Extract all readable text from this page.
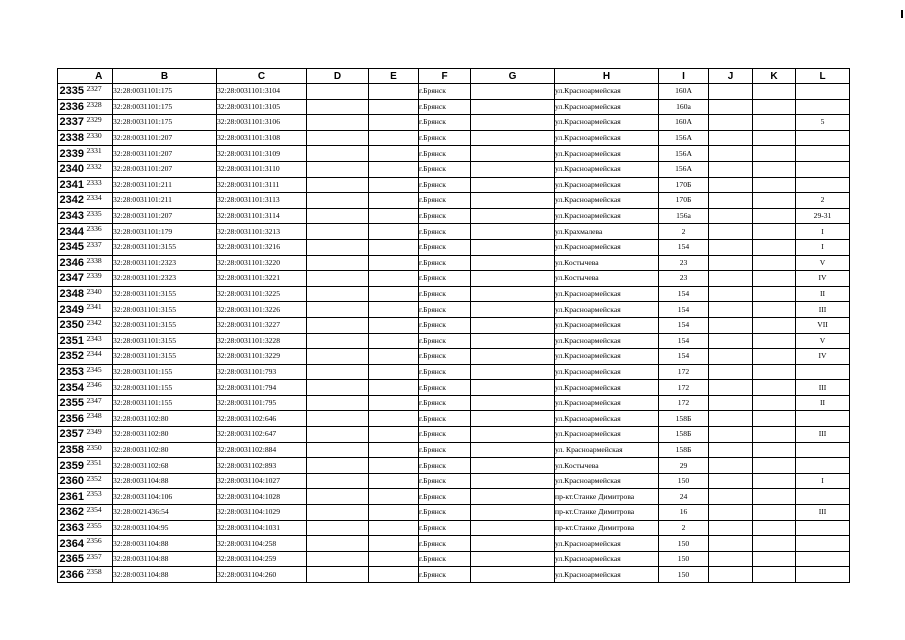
	A	B	C	D	E	F	G	H	I	J	K	L
2335	2327	32:28:0031101:175	32:28:0031101:3104			г.Брянск		ул.Красноармейская	160А			
2336	2328	32:28:0031101:175	32:28:0031101:3105			г.Брянск		ул.Красноармейская	160а			
2337	2329	32:28:0031101:175	32:28:0031101:3106			г.Брянск		ул.Красноармейская	160А			5
2338	2330	32:28:0031101:207	32:28:0031101:3108			г.Брянск		ул.Красноармейская	156А			
2339	2331	32:28:0031101:207	32:28:0031101:3109			г.Брянск		ул.Красноармейская	156А			
2340	2332	32:28:0031101:207	32:28:0031101:3110			г.Брянск		ул.Красноармейская	156А			
2341	2333	32:28:0031101:211	32:28:0031101:3111			г.Брянск		ул.Красноармейская	170Б			
2342	2334	32:28:0031101:211	32:28:0031101:3113			г.Брянск		ул.Красноармейская	170Б			2
2343	2335	32:28:0031101:207	32:28:0031101:3114			г.Брянск		ул.Красноармейская	156а			29-31
2344	2336	32:28:0031101:179	32:28:0031101:3213			г.Брянск		ул.Крахмалева	2			I
2345	2337	32:28:0031101:3155	32:28:0031101:3216			г.Брянск		ул.Красноармейская	154			I
2346	2338	32:28:0031101:2323	32:28:0031101:3220			г.Брянск		ул.Костычева	23			V
2347	2339	32:28:0031101:2323	32:28:0031101:3221			г.Брянск		ул.Костычева	23			IV
2348	2340	32:28:0031101:3155	32:28:0031101:3225			г.Брянск		ул.Красноармейская	154			II
2349	2341	32:28:0031101:3155	32:28:0031101:3226			г.Брянск		ул.Красноармейская	154			III
2350	2342	32:28:0031101:3155	32:28:0031101:3227			г.Брянск		ул.Красноармейская	154			VII
2351	2343	32:28:0031101:3155	32:28:0031101:3228			г.Брянск		ул.Красноармейская	154			V
2352	2344	32:28:0031101:3155	32:28:0031101:3229			г.Брянск		ул.Красноармейская	154			IV
2353	2345	32:28:0031101:155	32:28:0031101:793			г.Брянск		ул.Красноармейская	172			
2354	2346	32:28:0031101:155	32:28:0031101:794			г.Брянск		ул.Красноармейская	172			III
2355	2347	32:28:0031101:155	32:28:0031101:795			г.Брянск		ул.Красноармейская	172			II
2356	2348	32:28:0031102:80	32:28:0031102:646			г.Брянск		ул.Красноармейская	158Б			
2357	2349	32:28:0031102:80	32:28:0031102:647			г.Брянск		ул.Красноармейская	158Б			III
2358	2350	32:28:0031102:80	32:28:0031102:884			г.Брянск		ул. Красноармейская	158Б			
2359	2351	32:28:0031102:68	32:28:0031102:893			г.Брянск		ул.Костычева	29			
2360	2352	32:28:0031104:88	32:28:0031104:1027			г.Брянск		ул.Красноармейская	150			I
2361	2353	32:28:0031104:106	32:28:0031104:1028			г.Брянск		пр-кт.Станке Димитрова	24			
2362	2354	32:28:0021436:54	32:28:0031104:1029			г.Брянск		пр-кт.Станке Димитрова	16			III
2363	2355	32:28:0031104:95	32:28:0031104:1031			г.Брянск		пр-кт.Станке Димитрова	2			
2364	2356	32:28:0031104:88	32:28:0031104:258			г.Брянск		ул.Красноармейская	150			
2365	2357	32:28:0031104:88	32:28:0031104:259			г.Брянск		ул.Красноармейская	150			
2366	2358	32:28:0031104:88	32:28:0031104:260			г.Брянск		ул.Красноармейская	150			
